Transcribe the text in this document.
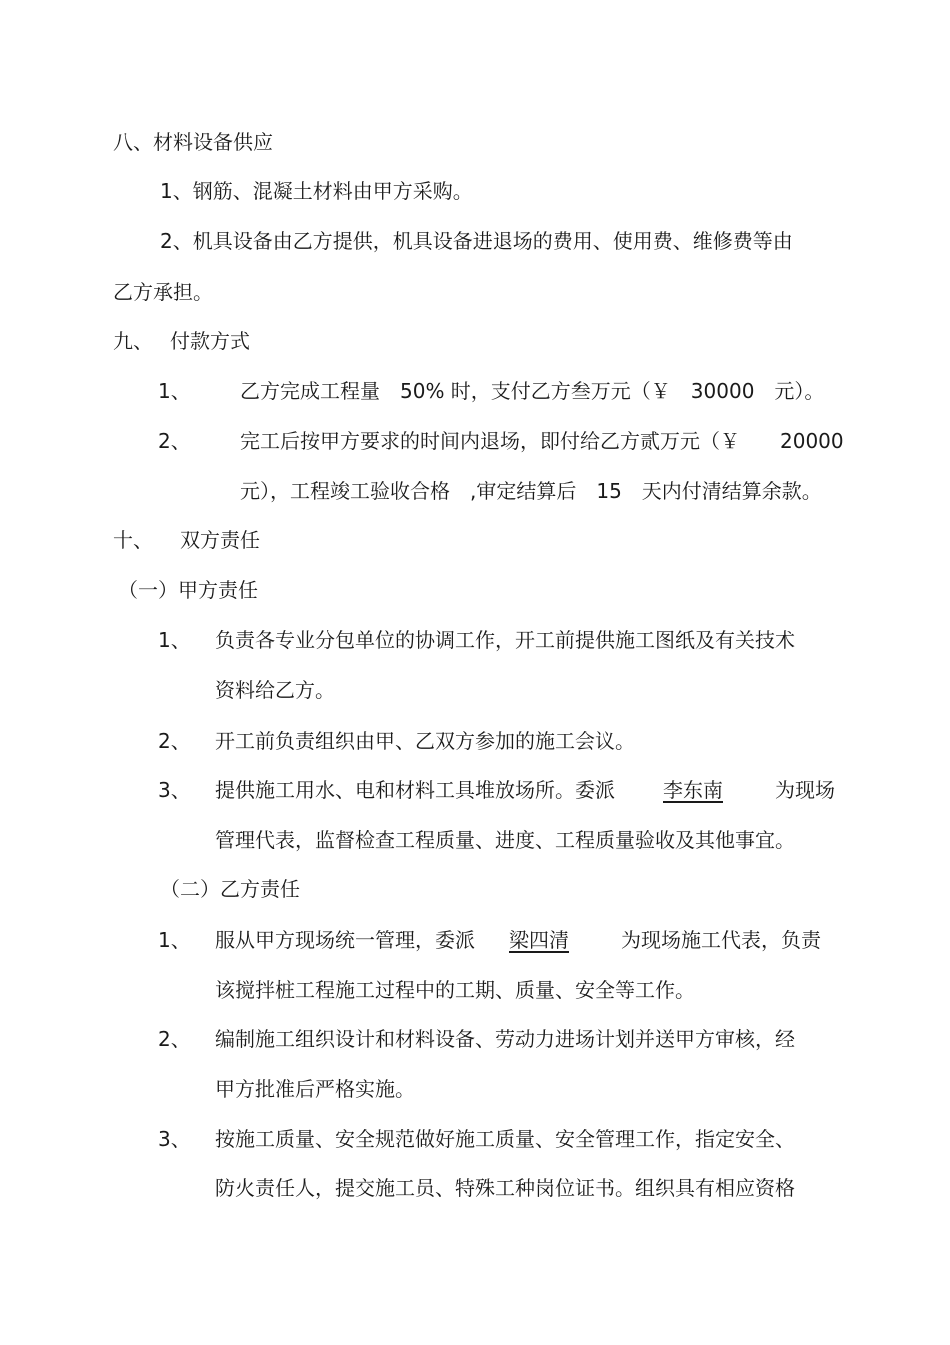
八、材料设备供应
1、钢筋、混凝土材料由甲方采购。
2、机具设备由乙方提供，机具设备进退场的费用、使用费、维修费等由
乙方承担。
九、 付款方式
1、 乙方完成工程量　50% 时，支付乙方叁万元（￥　30000　元）。
2、 完工后按甲方要求的时间内退场，即付给乙方贰万元（￥　　20000
元），工程竣工验收合格　,审定结算后　15　天内付清结算余款。
十、 双方责任
（一）甲方责任
1、 负责各专业分包单位的协调工作，开工前提供施工图纸及有关技术
资料给乙方。
2、 开工前负责组织由甲、乙双方参加的施工会议。
3、 提供施工用水、电和材料工具堆放场所。委派 李东南	为现场
管理代表，监督检查工程质量、进度、工程质量验收及其他事宜。
（二）乙方责任
1、 服从甲方现场统一管理，委派 梁四清	为现场施工代表，负责
该搅拌桩工程施工过程中的工期、质量、安全等工作。
2、 编制施工组织设计和材料设备、劳动力进场计划并送甲方审核，经
甲方批准后严格实施。
3、 按施工质量、安全规范做好施工质量、安全管理工作，指定安全、
防火责任人，提交施工员、特殊工种岗位证书。组织具有相应资格
